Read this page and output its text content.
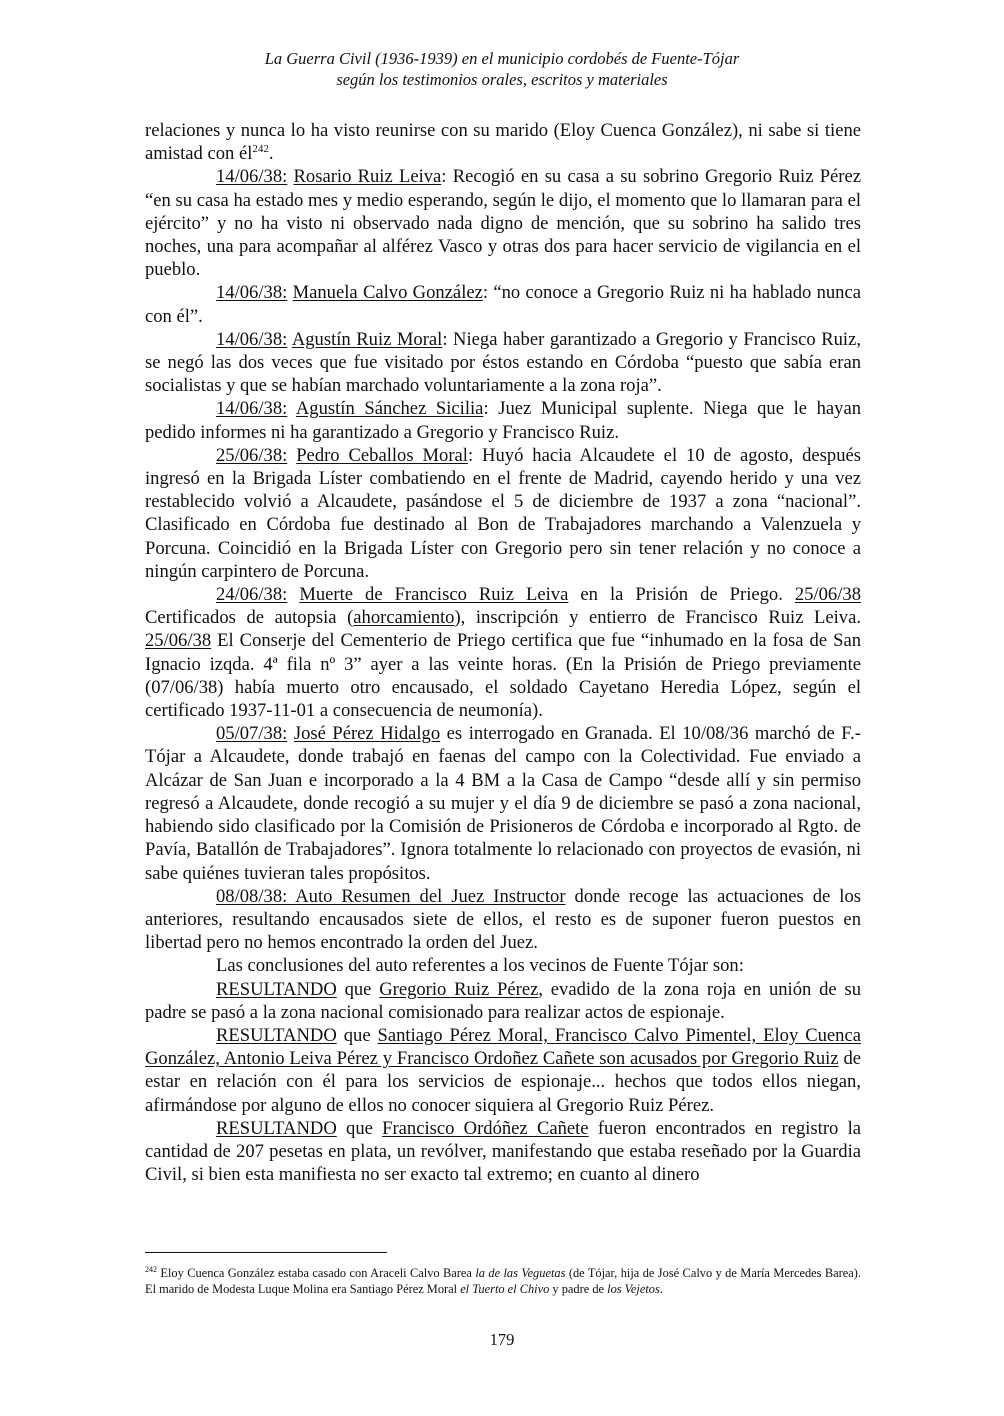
La Guerra Civil (1936-1939) en el municipio cordobés de Fuente-Tójar
según los testimonios orales, escritos y materiales

relaciones y nunca lo ha visto reunirse con su marido (Eloy Cuenca González), ni sabe si tiene amistad con $él^{242}$.

14/06/38: Rosario Ruiz Leiva: Recogió en su casa a su sobrino Gregorio Ruiz Pérez “en su casa ha estado mes y medio esperando, según le dijo, el momento que lo llamaran para el ejército” y no ha visto ni observado nada digno de mención, que su sobrino ha salido tres noches, una para acompañar al alférez Vasco y otras dos para hacer servicio de vigilancia en el pueblo.

14/06/38: Manuela Calvo González: “no conoce a Gregorio Ruiz ni ha hablado nunca con él”.

14/06/38: Agustín Ruiz Moral: Niega haber garantizado a Gregorio y Francisco Ruiz, se negó las dos veces que fue visitado por éstos estando en Córdoba “puesto que sabía eran socialistas y que se habían marchado voluntariamente a la zona roja”.

14/06/38: Agustín Sánchez Sicilia: Juez Municipal suplente. Niega que le hayan pedido informes ni ha garantizado a Gregorio y Francisco Ruiz.

25/06/38: Pedro Ceballos Moral: Huyó hacia Alcaudete el 10 de agosto, después ingresó en la Brigada Líster combatiendo en el frente de Madrid, cayendo herido y una vez restablecido volvió a Alcaudete, pasándose el 5 de diciembre de 1937 a zona “nacional”. Clasificado en Córdoba fue destinado al Bon de Trabajadores marchando a Valenzuela y Porcuna. Coincidió en la Brigada Líster con Gregorio pero sin tener relación y no conoce a ningún carpintero de Porcuna.

24/06/38: Muerte de Francisco Ruiz Leiva en la Prisión de Priego. 25/06/38 Certificados de autopsia (ahorcamiento), inscripción y entierro de Francisco Ruiz Leiva. 25/06/38 El Conserje del Cementerio de Priego certifica que fue “inhumado en la fosa de San Ignacio izqda. 4ª fila nº 3” ayer a las veinte horas. (En la Prisión de Priego previamente (07/06/38) había muerto otro encausado, el soldado Cayetano Heredia López, según el certificado 1937-11-01 a consecuencia de neumonía).

05/07/38: José Pérez Hidalgo es interrogado en Granada. El 10/08/36 marchó de F.-Tójar a Alcaudete, donde trabajó en faenas del campo con la Colectividad. Fue enviado a Alcázar de San Juan e incorporado a la 4 BM a la Casa de Campo “desde allí y sin permiso regresó a Alcaudete, donde recogió a su mujer y el día 9 de diciembre se pasó a zona nacional, habiendo sido clasificado por la Comisión de Prisioneros de Córdoba e incorporado al Rgto. de Pavía, Batallón de Trabajadores”. Ignora totalmente lo relacionado con proyectos de evasión, ni sabe quiénes tuvieran tales propósitos.

08/08/38: Auto Resumen del Juez Instructor donde recoge las actuaciones de los anteriores, resultando encausados siete de ellos, el resto es de suponer fueron puestos en libertad pero no hemos encontrado la orden del Juez.

Las conclusiones del auto referentes a los vecinos de Fuente Tójar son:

RESULTANDO que Gregorio Ruiz Pérez, evadido de la zona roja en unión de su padre se pasó a la zona nacional comisionado para realizar actos de espionaje.

RESULTANDO que Santiago Pérez Moral, Francisco Calvo Pimentel, Eloy Cuenca González, Antonio Leiva Pérez y Francisco Ordoñez Cañete son acusados por Gregorio Ruiz de estar en relación con él para los servicios de espionaje... hechos que todos ellos niegan, afirmándose por alguno de ellos no conocer siquiera al Gregorio Ruiz Pérez.

RESULTANDO que Francisco Ordóñez Cañete fueron encontrados en registro la cantidad de 207 pesetas en plata, un revólver, manifestando que estaba reseñado por la Guardia Civil, si bien esta manifiesta no ser exacto tal extremo; en cuanto al dinero

$^{242}$ Eloy Cuenca González estaba casado con Araceli Calvo Barea la de las Veguetas (de Tójar, hija de José Calvo y de María Mercedes Barea). El marido de Modesta Luque Molina era Santiago Pérez Moral el Tuerto el Chivo y padre de los Vejetos.
179
